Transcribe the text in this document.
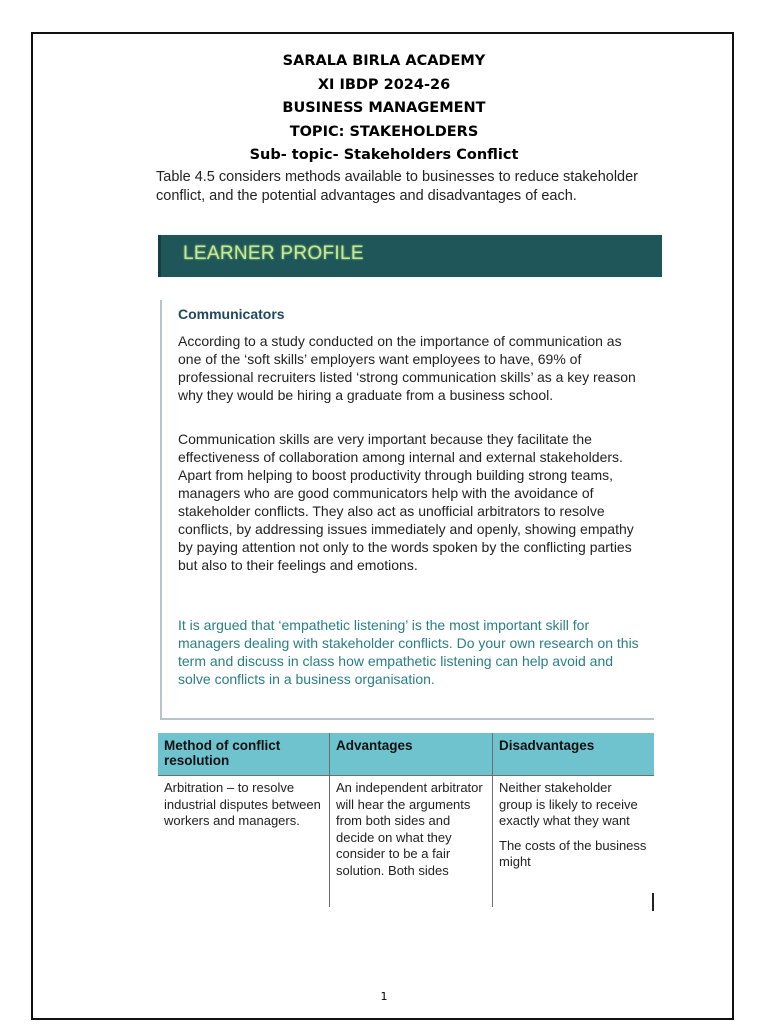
SARALA BIRLA ACADEMY
XI IBDP 2024-26
BUSINESS MANAGEMENT
TOPIC: STAKEHOLDERS
Sub- topic- Stakeholders Conflict
Table 4.5 considers methods available to businesses to reduce stakeholder conflict, and the potential advantages and disadvantages of each.
LEARNER PROFILE
Communicators

According to a study conducted on the importance of communication as one of the ‘soft skills’ employers want employees to have, 69% of professional recruiters listed ‘strong communication skills’ as a key reason why they would be hiring a graduate from a business school.

Communication skills are very important because they facilitate the effectiveness of collaboration among internal and external stakeholders. Apart from helping to boost productivity through building strong teams, managers who are good communicators help with the avoidance of stakeholder conflicts. They also act as unofficial arbitrators to resolve conflicts, by addressing issues immediately and openly, showing empathy by paying attention not only to the words spoken by the conflicting parties but also to their feelings and emotions.

It is argued that ‘empathetic listening’ is the most important skill for managers dealing with stakeholder conflicts. Do your own research on this term and discuss in class how empathetic listening can help avoid and solve conflicts in a business organisation.

Method of conflict resolution
Advantages	Disadvantages
Arbitration – to resolve industrial disputes between workers and managers.
An independent arbitrator will hear the arguments from both sides and decide on what they consider to be a fair solution. Both sides

Neither stakeholder group is likely to receive exactly what they want

The costs of the business might

1
